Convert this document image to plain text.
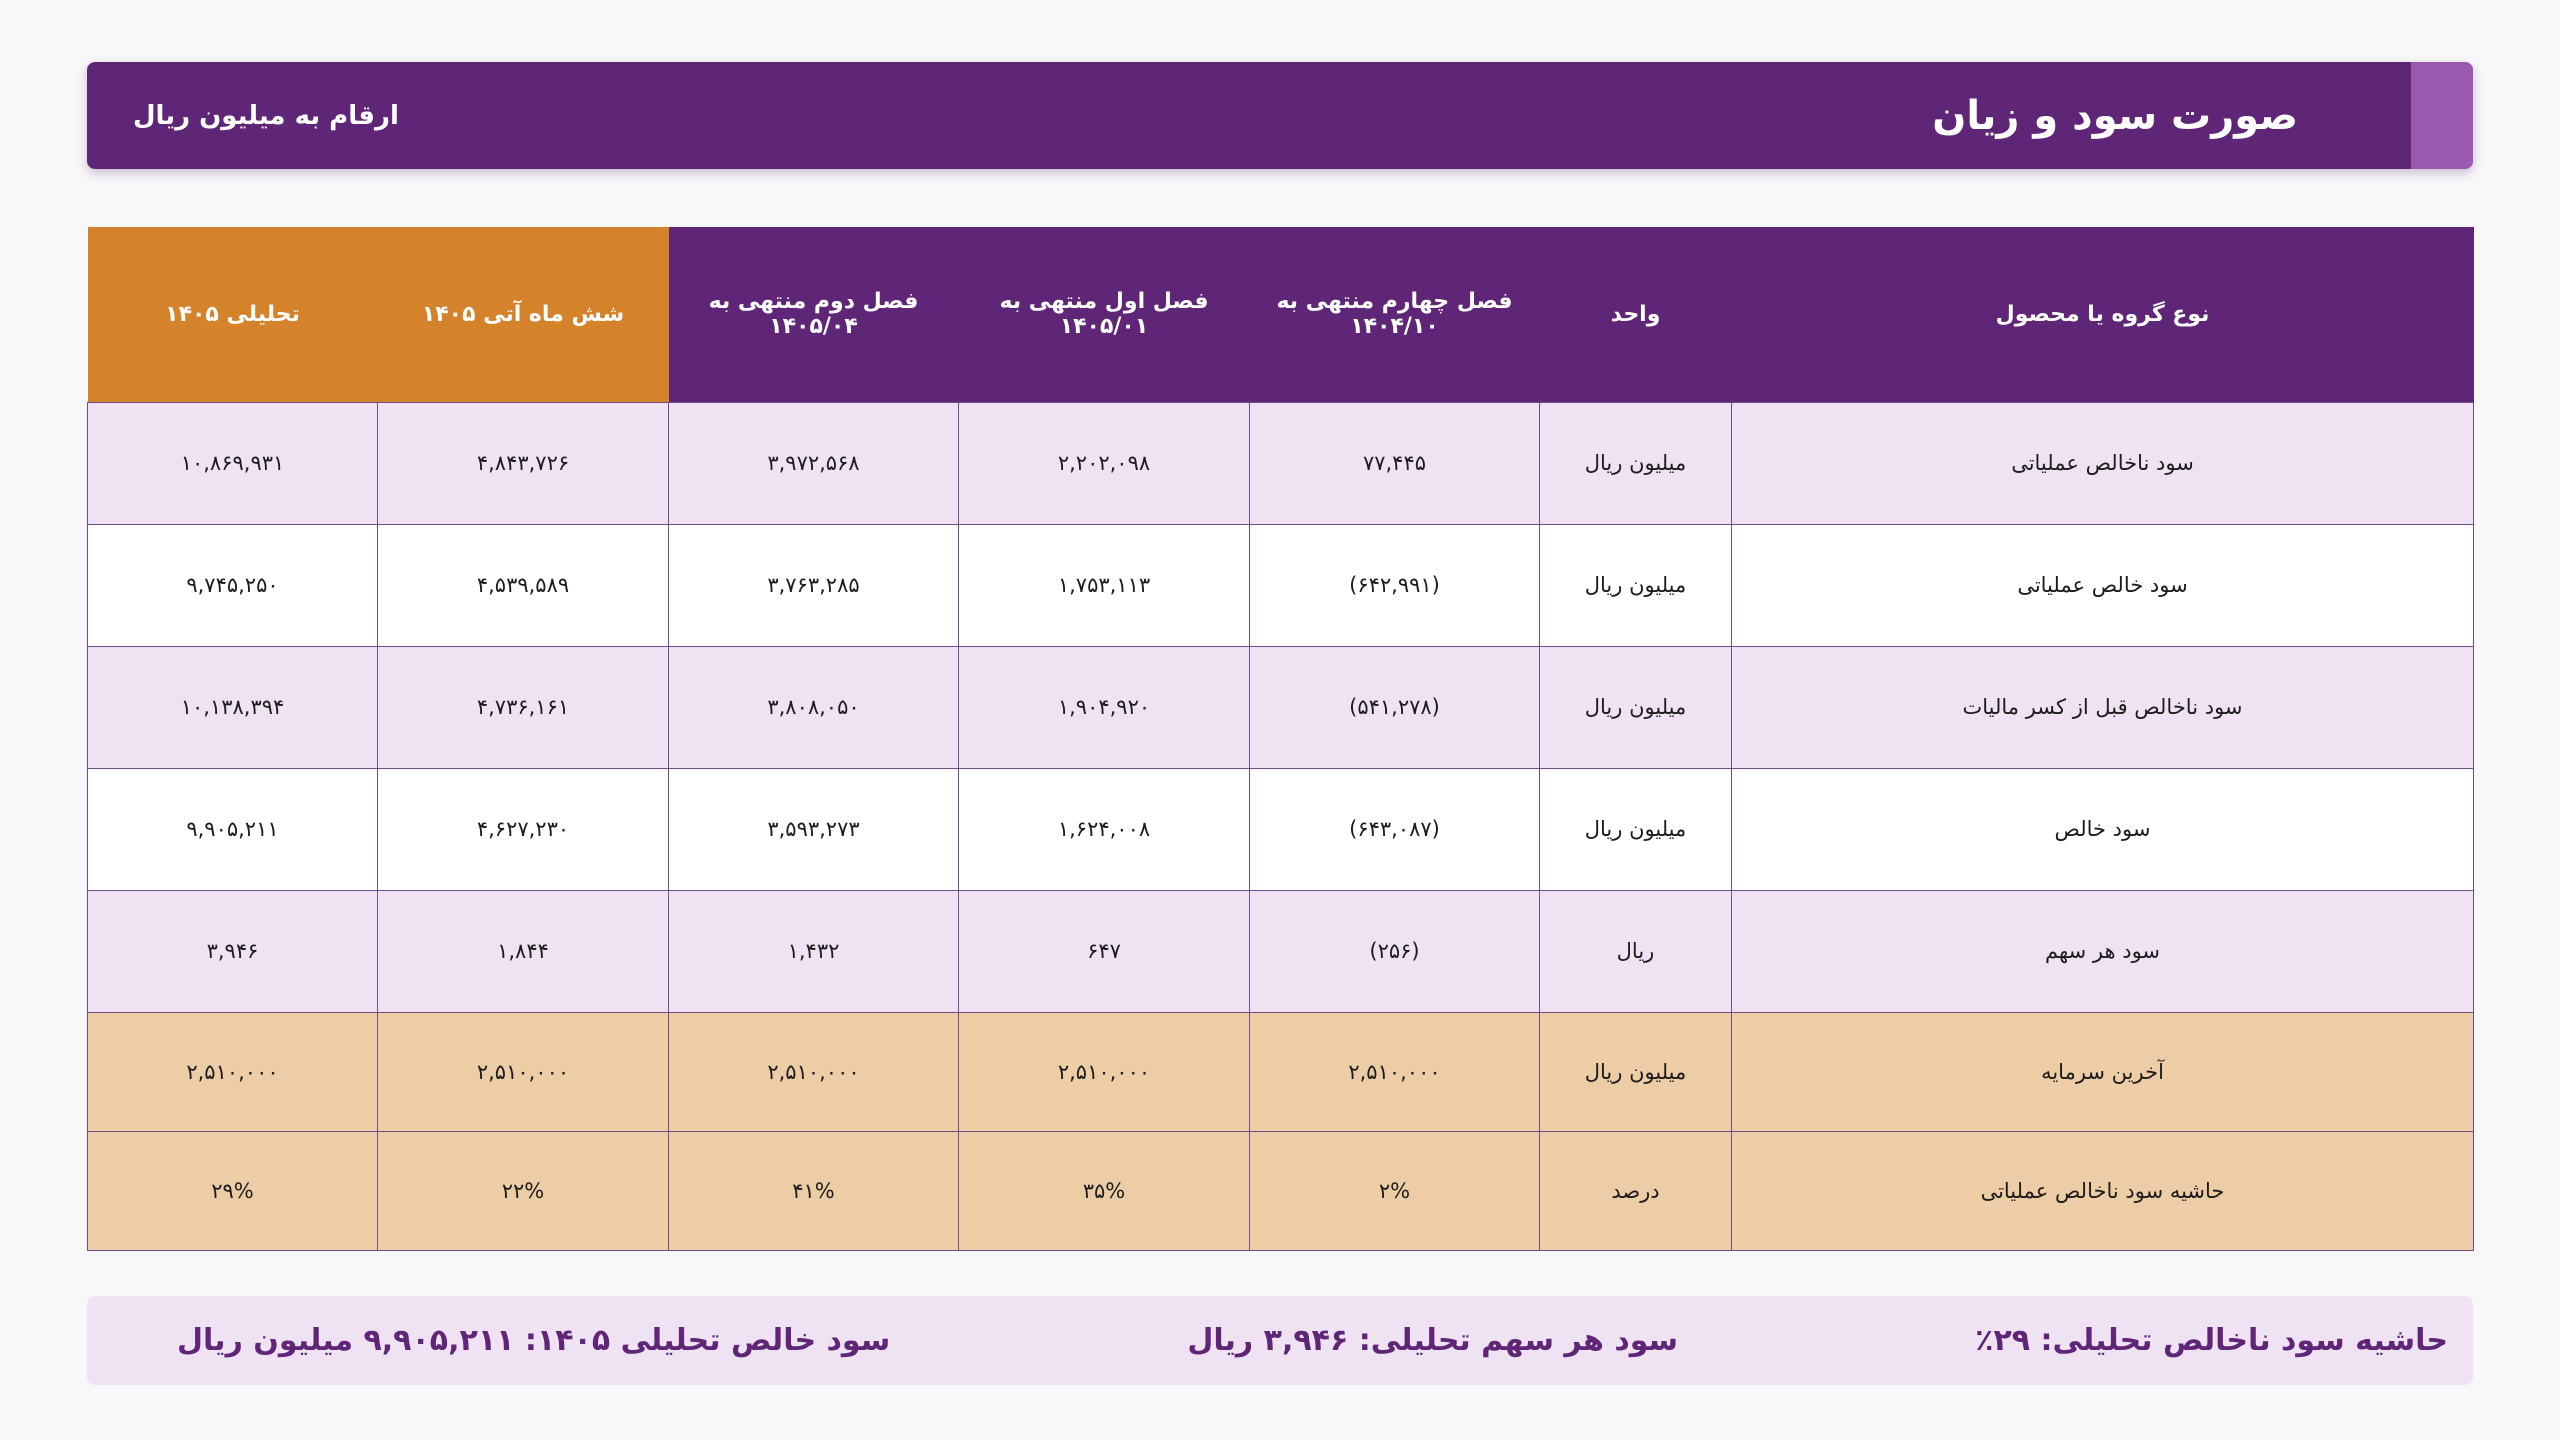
صورت سود و زیان
ارقام به میلیون ریال
نوع گروه یا محصول	واحد	فصل چهارم منتهی به ۱۴۰۴/۱۰	فصل اول منتهی به ۱۴۰۵/۰۱	فصل دوم منتهی به ۱۴۰۵/۰۴	شش ماه آتی ۱۴۰۵	تحلیلی ۱۴۰۵
سود ناخالص عملیاتی	میلیون ریال	۷۷,۴۴۵	۲,۲۰۲,۰۹۸	۳,۹۷۲,۵۶۸	۴,۸۴۳,۷۲۶	۱۰,۸۶۹,۹۳۱
سود خالص عملیاتی	میلیون ریال	(۶۴۲,۹۹۱)	۱,۷۵۳,۱۱۳	۳,۷۶۳,۲۸۵	۴,۵۳۹,۵۸۹	۹,۷۴۵,۲۵۰
سود ناخالص قبل از کسر مالیات	میلیون ریال	(۵۴۱,۲۷۸)	۱,۹۰۴,۹۲۰	۳,۸۰۸,۰۵۰	۴,۷۳۶,۱۶۱	۱۰,۱۳۸,۳۹۴
سود خالص	میلیون ریال	(۶۴۳,۰۸۷)	۱,۶۲۴,۰۰۸	۳,۵۹۳,۲۷۳	۴,۶۲۷,۲۳۰	۹,۹۰۵,۲۱۱
سود هر سهم	ریال	(۲۵۶)	۶۴۷	۱,۴۳۲	۱,۸۴۴	۳,۹۴۶
آخرین سرمایه	میلیون ریال	۲,۵۱۰,۰۰۰	۲,۵۱۰,۰۰۰	۲,۵۱۰,۰۰۰	۲,۵۱۰,۰۰۰	۲,۵۱۰,۰۰۰
حاشیه سود ناخالص عملیاتی	درصد	۲%	۳۵%	۴۱%	۲۲%	۲۹%
حاشیه سود ناخالص تحلیلی: ۲۹٪
سود هر سهم تحلیلی: ۳,۹۴۶ ریال
سود خالص تحلیلی ۱۴۰۵: ۹,۹۰۵,۲۱۱ میلیون ریال
